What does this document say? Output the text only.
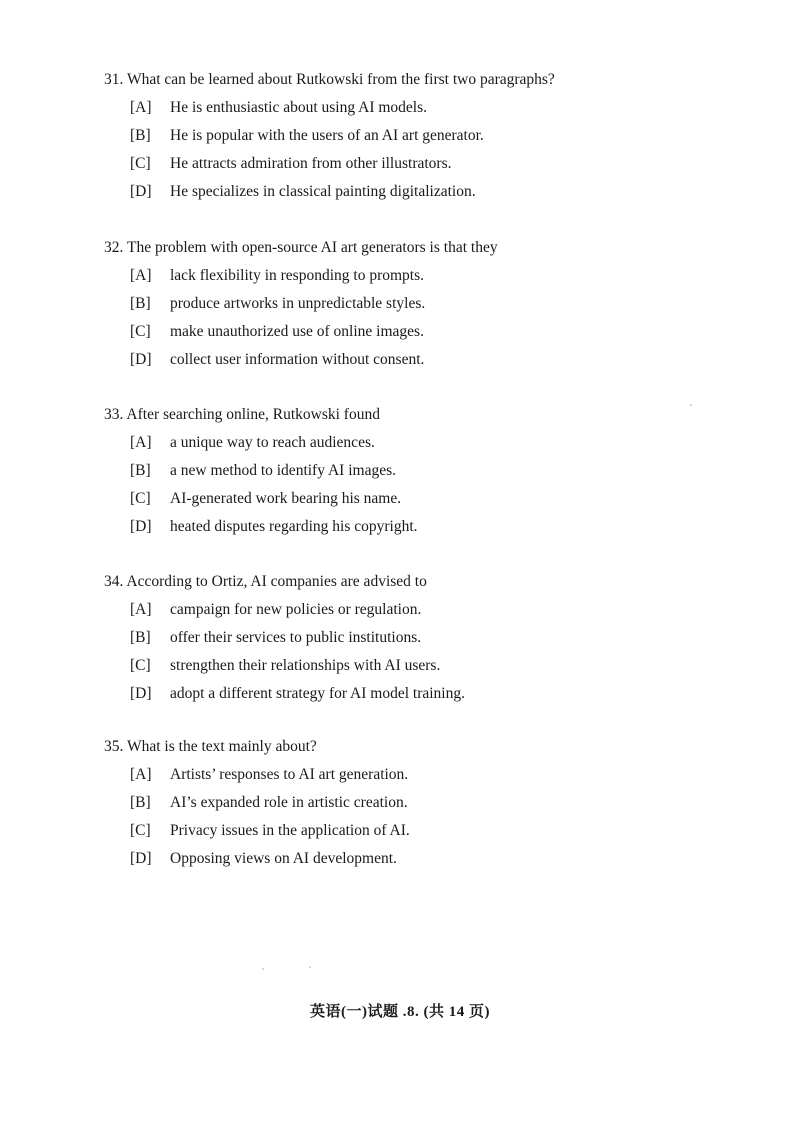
31. What can be learned about Rutkowski from the first two paragraphs?
[A] He is enthusiastic about using AI models.
[B] He is popular with the users of an AI art generator.
[C] He attracts admiration from other illustrators.
[D] He specializes in classical painting digitalization.
32. The problem with open-source AI art generators is that they
[A] lack flexibility in responding to prompts.
[B] produce artworks in unpredictable styles.
[C] make unauthorized use of online images.
[D] collect user information without consent.
33. After searching online, Rutkowski found
[A] a unique way to reach audiences.
[B] a new method to identify AI images.
[C] AI-generated work bearing his name.
[D] heated disputes regarding his copyright.
34. According to Ortiz, AI companies are advised to
[A] campaign for new policies or regulation.
[B] offer their services to public institutions.
[C] strengthen their relationships with AI users.
[D] adopt a different strategy for AI model training.
35. What is the text mainly about?
[A] Artists’ responses to AI art generation.
[B] AI’s expanded role in artistic creation.
[C] Privacy issues in the application of AI.
[D] Opposing views on AI development.
英语(一)试题 .8. (共 14 页)
